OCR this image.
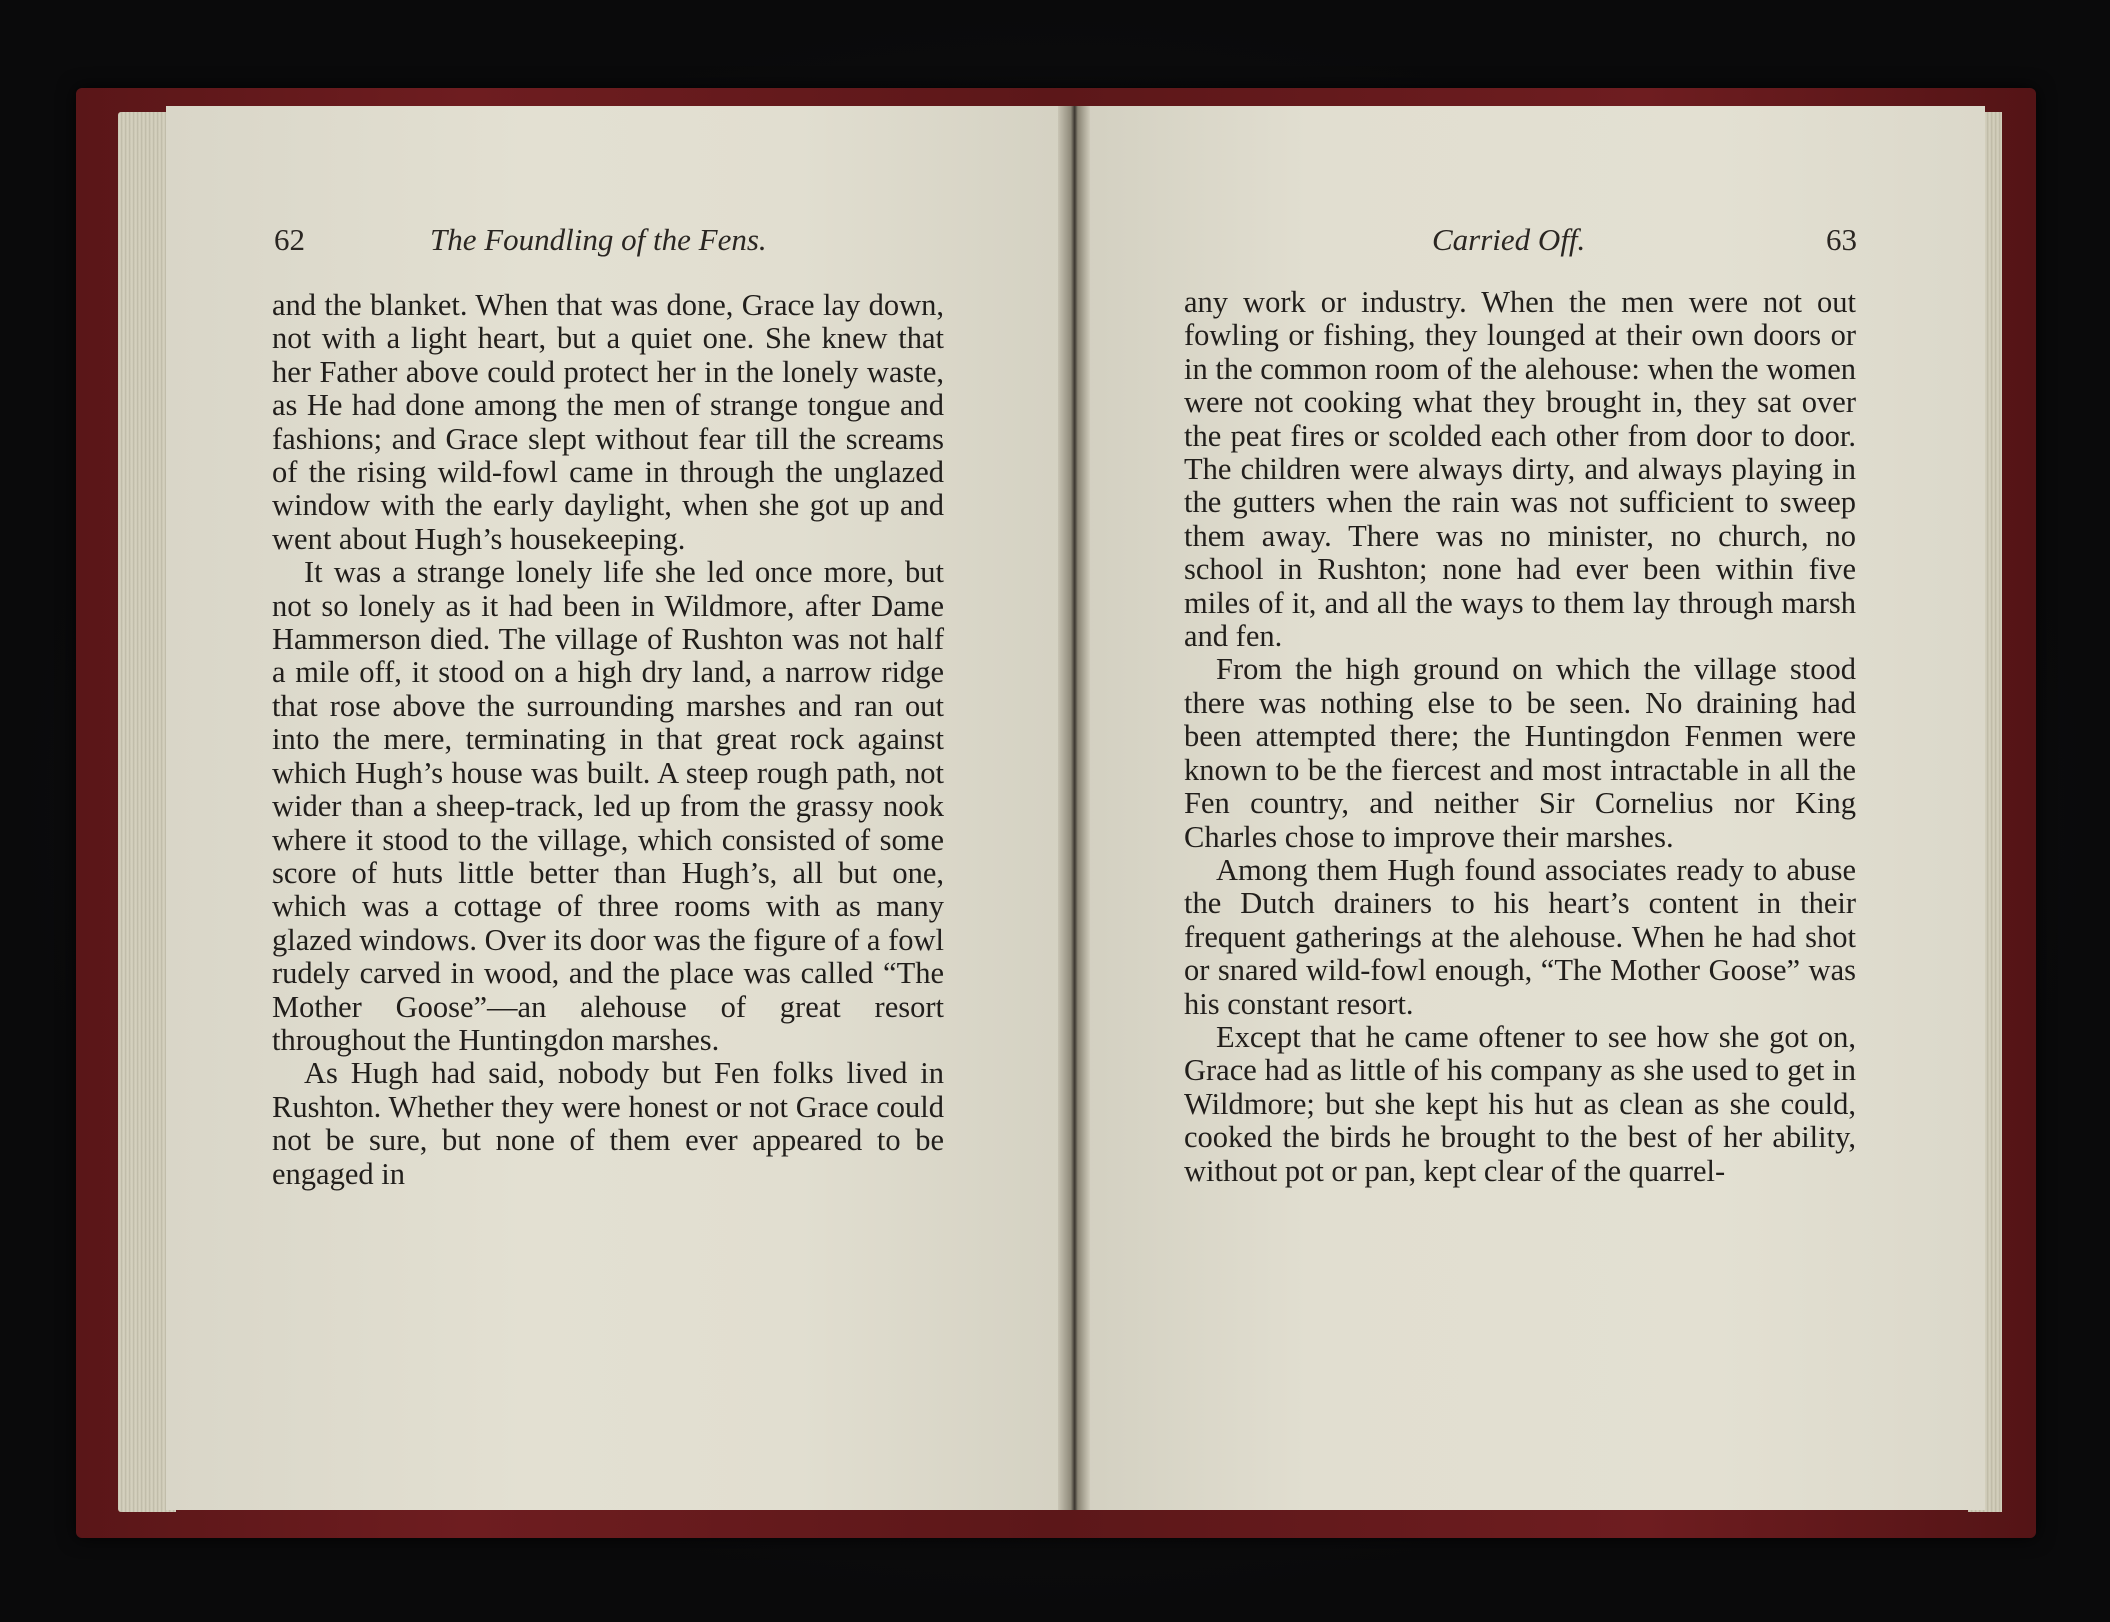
62	The Foundling of the Fens.	Carried Off.	63

and the blanket. When that was done, Grace lay down, not with a light heart, but a quiet one. She knew that her Father above could protect her in the lonely waste, as He had done among the men of strange tongue and fashions; and Grace slept without fear till the screams of the rising wild-fowl came in through the unglazed window with the early daylight, when she got up and went about Hugh’s housekeeping.

It was a strange lonely life she led once more, but not so lonely as it had been in Wildmore, after Dame Hammerson died. The village of Rushton was not half a mile off, it stood on a high dry land, a narrow ridge that rose above the surrounding marshes and ran out into the mere, terminating in that great rock against which Hugh’s house was built. A steep rough path, not wider than a sheep-track, led up from the grassy nook where it stood to the village, which consisted of some score of huts little better than Hugh’s, all but one, which was a cottage of three rooms with as many glazed windows. Over its door was the figure of a fowl rudely carved in wood, and the place was called “The Mother Goose”—an alehouse of great resort throughout the Huntingdon marshes.

As Hugh had said, nobody but Fen folks lived in Rushton. Whether they were honest or not Grace could not be sure, but none of them ever appeared to be engaged in

any work or industry. When the men were not out fowling or fishing, they lounged at their own doors or in the common room of the alehouse: when the women were not cooking what they brought in, they sat over the peat fires or scolded each other from door to door. The children were always dirty, and always playing in the gutters when the rain was not sufficient to sweep them away. There was no minister, no church, no school in Rushton; none had ever been within five miles of it, and all the ways to them lay through marsh and fen.

From the high ground on which the village stood there was nothing else to be seen. No draining had been attempted there; the Huntingdon Fenmen were known to be the fiercest and most intractable in all the Fen country, and neither Sir Cornelius nor King Charles chose to improve their marshes.

Among them Hugh found associates ready to abuse the Dutch drainers to his heart’s content in their frequent gatherings at the alehouse. When he had shot or snared wild-fowl enough, “The Mother Goose” was his constant resort.

Except that he came oftener to see how she got on, Grace had as little of his company as she used to get in Wildmore; but she kept his hut as clean as she could, cooked the birds he brought to the best of her ability, without pot or pan, kept clear of the quarrel-
